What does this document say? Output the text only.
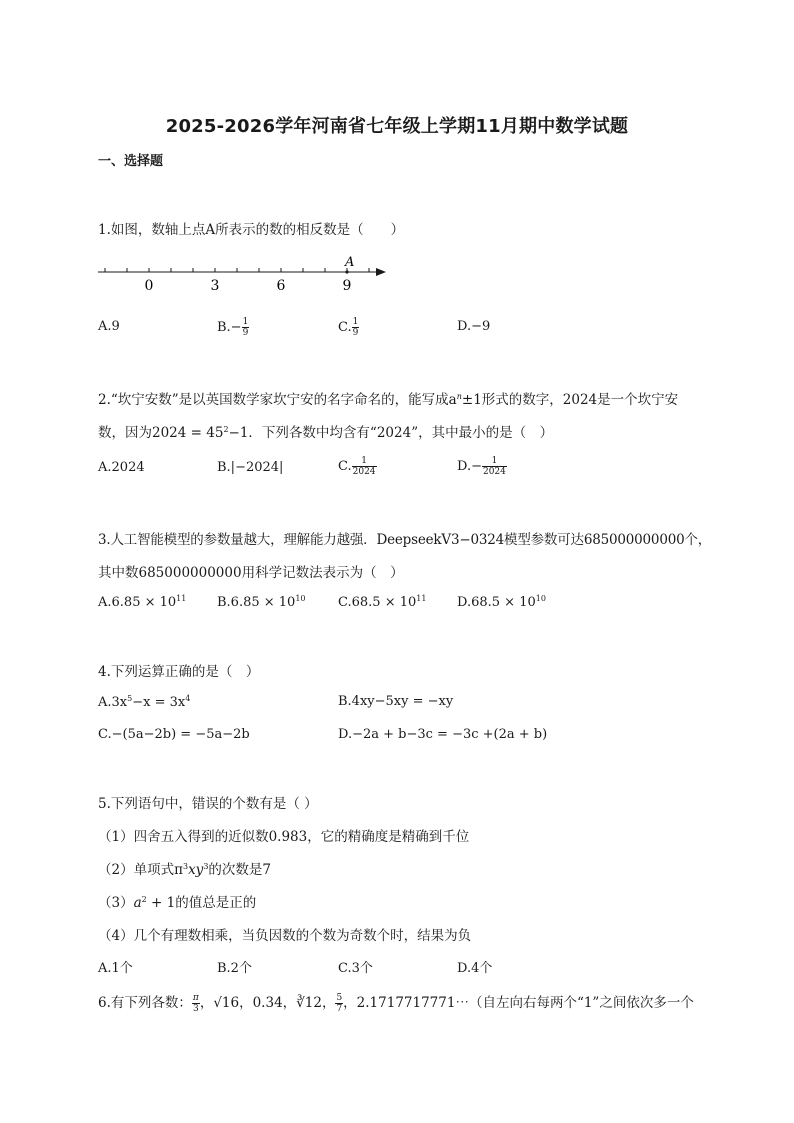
2025-2026学年河南省七年级上学期11月期中数学试题
一、选择题
1.如图，数轴上点A所表示的数的相反数是（　　）
A
0	3	6	9
A.9	$B.- \frac{1}{9}$	C. $\frac{1}{9}$	D.−9
2.“坎宁安数”是以英国数学家坎宁安的名字命名的，能写成$a^n\pm 1$形式的数字，2024是一个坎宁安
数，因为$2024 = 45^2-1$．下列各数中均含有“2024”，其中最小的是（　）
A.2024	B.|−2024|	C. $\frac{1}{2024}$	$D.- \frac{1}{2024}$
3.人工智能模型的参数量越大，理解能力越强．DeepseekV3−0324模型参数可达685000000000个，
其中数685000000000用科学记数法表示为（　）
$A.6.85 \times 10^{11}$ $B.6.85 \times 10^{10}$ $C.68.5 \times 10^{11}$ $D.68.5 \times 10^{10}$
4.下列运算正确的是（　）
$A.3x^5-x = 3x^4$	B.4xy−5xy = −xy
C.−(5a−2b) = −5a−2b	D.−2a + b−3c = −3c +(2a + b)
5.下列语句中，错误的个数有是（ ）
（1）四舍五入得到的近似数0.983，它的精确度是精确到千位
（2）单项式$\pi^3xy^3$的次数是7
$(3)a^2 + 1$的值总是正的
（4）几个有理数相乘，当负因数的个数为奇数个时，结果为负
A.1个	B.2个	C.3个	D.4个
6.有下列各数： $\frac{\pi}{3}$ ，√16，0.34，∛12， $\frac{5}{7}$ ，2.1717717771⋯（自左向右每两个“1”之间依次多一个
